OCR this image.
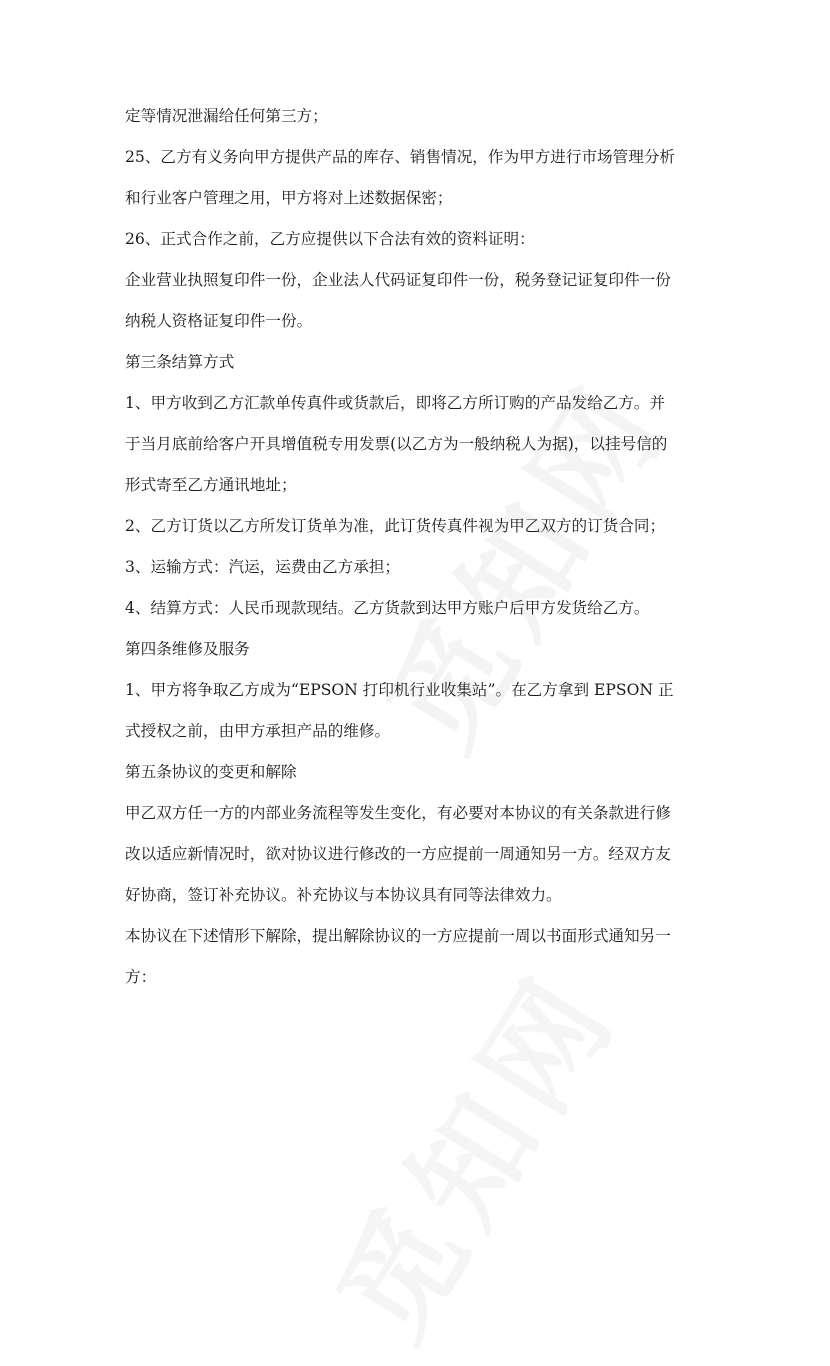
定等情况泄漏给任何第三方；

25、乙方有义务向甲方提供产品的库存、销售情况，作为甲方进行市场管理分析

和行业客户管理之用，甲方将对上述数据保密；

26、正式合作之前，乙方应提供以下合法有效的资料证明：

企业营业执照复印件一份，企业法人代码证复印件一份，税务登记证复印件一份

纳税人资格证复印件一份。

第三条结算方式

1、甲方收到乙方汇款单传真件或货款后，即将乙方所订购的产品发给乙方。并

于当月底前给客户开具增值税专用发票(以乙方为一般纳税人为据)，以挂号信的

形式寄至乙方通讯地址；

2、乙方订货以乙方所发订货单为准，此订货传真件视为甲乙双方的订货合同；

3、运输方式：汽运，运费由乙方承担；

4、结算方式：人民币现款现结。乙方货款到达甲方账户后甲方发货给乙方。

第四条维修及服务

1、甲方将争取乙方成为“EPSON 打印机行业收集站”。在乙方拿到 EPSON 正

式授权之前，由甲方承担产品的维修。

第五条协议的变更和解除

甲乙双方任一方的内部业务流程等发生变化，有必要对本协议的有关条款进行修

改以适应新情况时，欲对协议进行修改的一方应提前一周通知另一方。经双方友

好协商，签订补充协议。补充协议与本协议具有同等法律效力。

本协议在下述情形下解除，提出解除协议的一方应提前一周以书面形式通知另一

方：
